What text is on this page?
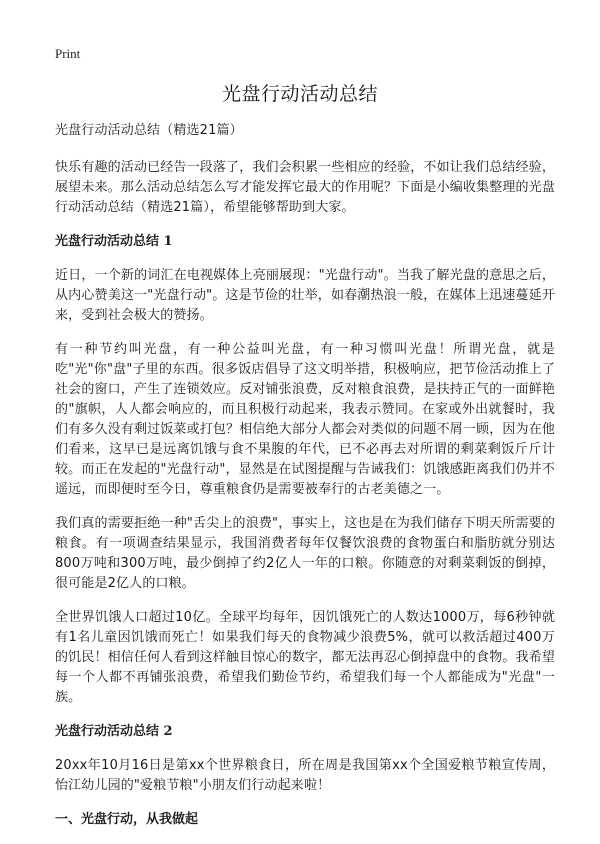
Print
光盘行动活动总结

光盘行动活动总结（精选21篇）

快乐有趣的活动已经告一段落了，我们会积累一些相应的经验，不如让我们总结经验，展望未来。那么活动总结怎么写才能发挥它最大的作用呢？下面是小编收集整理的光盘行动活动总结（精选21篇），希望能够帮助到大家。

光盘行动活动总结 1

近日，一个新的词汇在电视媒体上亮丽展现："光盘行动"。当我了解光盘的意思之后，从内心赞美这一"光盘行动"。这是节俭的壮举，如春潮热浪一般，在媒体上迅速蔓延开来，受到社会极大的赞扬。

有一种节约叫光盘，有一种公益叫光盘，有一种习惯叫光盘！所谓光盘，就是吃"光"你"盘"子里的东西。很多饭店倡导了这文明举措，积极响应，把节俭活动推上了社会的窗口，产生了连锁效应。反对铺张浪费，反对粮食浪费，是扶持正气的一面鲜艳的"旗帜，人人都会响应的，而且积极行动起来，我表示赞同。在家或外出就餐时，我们有多久没有剩过饭菜或打包？相信绝大部分人都会对类似的问题不屑一顾，因为在他们看来，这早已是远离饥饿与食不果腹的年代，已不必再去对所谓的剩菜剩饭斤斤计较。而正在发起的"光盘行动"，显然是在试图提醒与告诫我们：饥饿感距离我们仍并不遥远，而即便时至今日，尊重粮食仍是需要被奉行的古老美德之一。

我们真的需要拒绝一种"舌尖上的浪费"，事实上，这也是在为我们储存下明天所需要的粮食。有一项调查结果显示，我国消费者每年仅餐饮浪费的食物蛋白和脂肪就分别达800万吨和300万吨，最少倒掉了约2亿人一年的口粮。你随意的对剩菜剩饭的倒掉，很可能是2亿人的口粮。

全世界饥饿人口超过10亿。全球平均每年，因饥饿死亡的人数达1000万，每6秒钟就有1名儿童因饥饿而死亡！如果我们每天的食物减少浪费5%，就可以救活超过400万的饥民！相信任何人看到这样触目惊心的数字，都无法再忍心倒掉盘中的食物。我希望每一个人都不再铺张浪费，希望我们勤俭节约，希望我们每一个人都能成为"光盘"一族。

光盘行动活动总结 2

20xx年10月16日是第xx个世界粮食日，所在周是我国第xx个全国爱粮节粮宣传周，怡江幼儿园的"爱粮节粮"小朋友们行动起来啦！

一、光盘行动，从我做起
